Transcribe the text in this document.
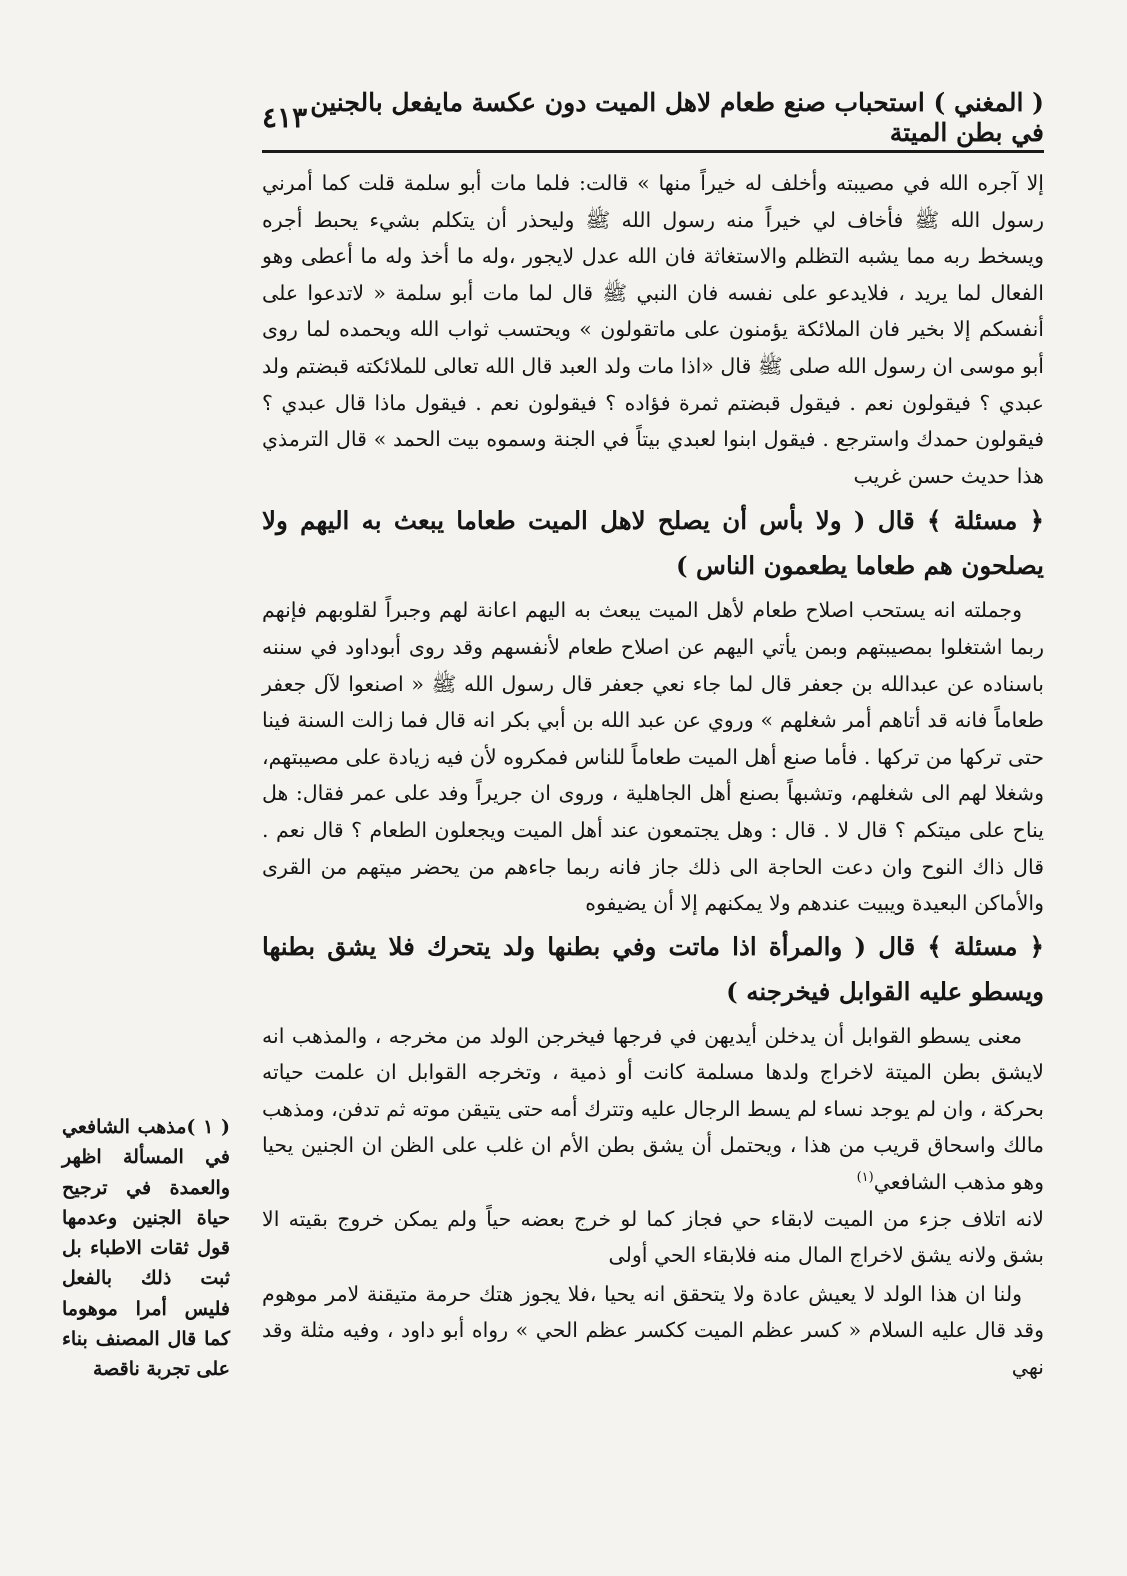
( المغني ) استحباب صنع طعام لاهل الميت دون عكسة مايفعل بالجنين في بطن الميتة
٤١٣

إلا آجره الله في مصيبته وأخلف له خيراً منها » قالت: فلما مات أبو سلمة قلت كما أمرني رسول الله ﷺ فأخاف لي خيراً منه رسول الله ﷺ وليحذر أن يتكلم بشيء يحبط أجره ويسخط ربه مما يشبه التظلم والاستغاثة فان الله عدل لايجور ،وله ما أخذ وله ما أعطى وهو الفعال لما يريد ، فلايدعو على نفسه فان النبي ﷺ قال لما مات أبو سلمة « لاتدعوا على أنفسكم إلا بخير فان الملائكة يؤمنون على ماتقولون » ويحتسب ثواب الله ويحمده لما روى أبو موسى ان رسول الله صلى ﷺ قال «اذا مات ولد العبد قال الله تعالى للملائكته قبضتم ولد عبدي ؟ فيقولون نعم . فيقول قبضتم ثمرة فؤاده ؟ فيقولون نعم . فيقول ماذا قال عبدي ؟ فيقولون حمدك واسترجع . فيقول ابنوا لعبدي بيتاً في الجنة وسموه بيت الحمد » قال الترمذي هذا حديث حسن غريب

﴿ مسئلة ﴾ قال ( ولا بأس أن يصلح لاهل الميت طعاما يبعث به اليهم ولا يصلحون هم طعاما يطعمون الناس )

وجملته انه يستحب اصلاح طعام لأهل الميت يبعث به اليهم اعانة لهم وجبراً لقلوبهم فإنهم ربما اشتغلوا بمصيبتهم وبمن يأتي اليهم عن اصلاح طعام لأنفسهم وقد روى أبوداود في سننه باسناده عن عبدالله بن جعفر قال لما جاء نعي جعفر قال رسول الله ﷺ « اصنعوا لآل جعفر طعاماً فانه قد أتاهم أمر شغلهم » وروي عن عبد الله بن أبي بكر انه قال فما زالت السنة فينا حتى تركها من تركها . فأما صنع أهل الميت طعاماً للناس فمكروه لأن فيه زيادة على مصيبتهم، وشغلا لهم الى شغلهم، وتشبهاً بصنع أهل الجاهلية ، وروى ان جريراً وفد على عمر فقال: هل يناح على ميتكم ؟ قال لا . قال : وهل يجتمعون عند أهل الميت ويجعلون الطعام ؟ قال نعم . قال ذاك النوح وان دعت الحاجة الى ذلك جاز فانه ربما جاءهم من يحضر ميتهم من القرى والأماكن البعيدة ويبيت عندهم ولا يمكنهم إلا أن يضيفوه

﴿ مسئلة ﴾ قال ( والمرأة اذا ماتت وفي بطنها ولد يتحرك فلا يشق بطنها ويسطو عليه القوابل فيخرجنه )

معنى يسطو القوابل أن يدخلن أيديهن في فرجها فيخرجن الولد من مخرجه ، والمذهب انه لايشق بطن الميتة لاخراج ولدها مسلمة كانت أو ذمية ، وتخرجه القوابل ان علمت حياته بحركة ، وان لم يوجد نساء لم يسط الرجال عليه وتترك أمه حتى يتيقن موته ثم تدفن، ومذهب مالك واسحاق قريب من هذا ، ويحتمل أن يشق بطن الأم ان غلب على الظن ان الجنين يحيا وهو مذهب الشافعي$^{(١)}$

لانه اتلاف جزء من الميت لابقاء حي فجاز كما لو خرج بعضه حياً ولم يمكن خروج بقيته الا بشق ولانه يشق لاخراج المال منه فلابقاء الحي أولى

ولنا ان هذا الولد لا يعيش عادة ولا يتحقق انه يحيا ،فلا يجوز هتك حرمة متيقنة لامر موهوم وقد قال عليه السلام « كسر عظم الميت ككسر عظم الحي » رواه أبو داود ، وفيه مثلة وقد نهي

( ١ )مذهب الشافعي في المسألة اظهر والعمدة في ترجيح حياة الجنين وعدمها قول ثقات الاطباء بل ثبت ذلك بالفعل فليس أمرا موهوما كما قال المصنف بناء على تجربة ناقصة
